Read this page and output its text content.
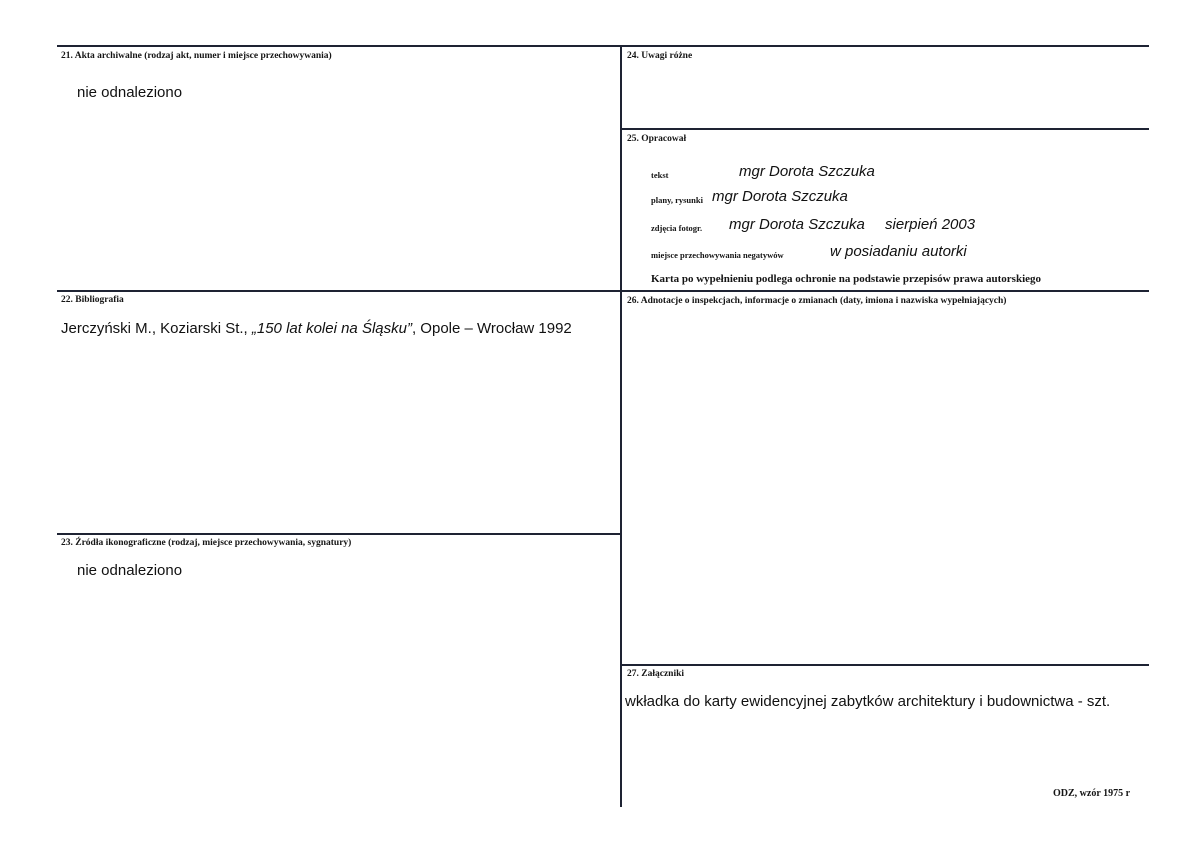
21. Akta archiwalne (rodzaj akt, numer i miejsce przechowywania)
nie odnaleziono
24. Uwagi różne
25. Opracował
tekst	mgr Dorota Szczuka
plany, rysunki mgr Dorota Szczuka
zdjęcia fotogr. mgr Dorota Szczuka sierpień 2003
miejsce przechowywania negatywów	w posiadaniu autorki
Karta po wypełnieniu podlega ochronie na podstawie przepisów prawa autorskiego
22. Bibliografia
Jerczyński M., Koziarski St., „150 lat kolei na Śląsku”, Opole – Wrocław 1992
26. Adnotacje o inspekcjach, informacje o zmianach (daty, imiona i nazwiska wypełniających)
23. Źródła ikonograficzne (rodzaj, miejsce przechowywania, sygnatury)
nie odnaleziono
27. Załączniki
wkładka do karty ewidencyjnej zabytków architektury i budownictwa - szt.
ODZ, wzór 1975 r
